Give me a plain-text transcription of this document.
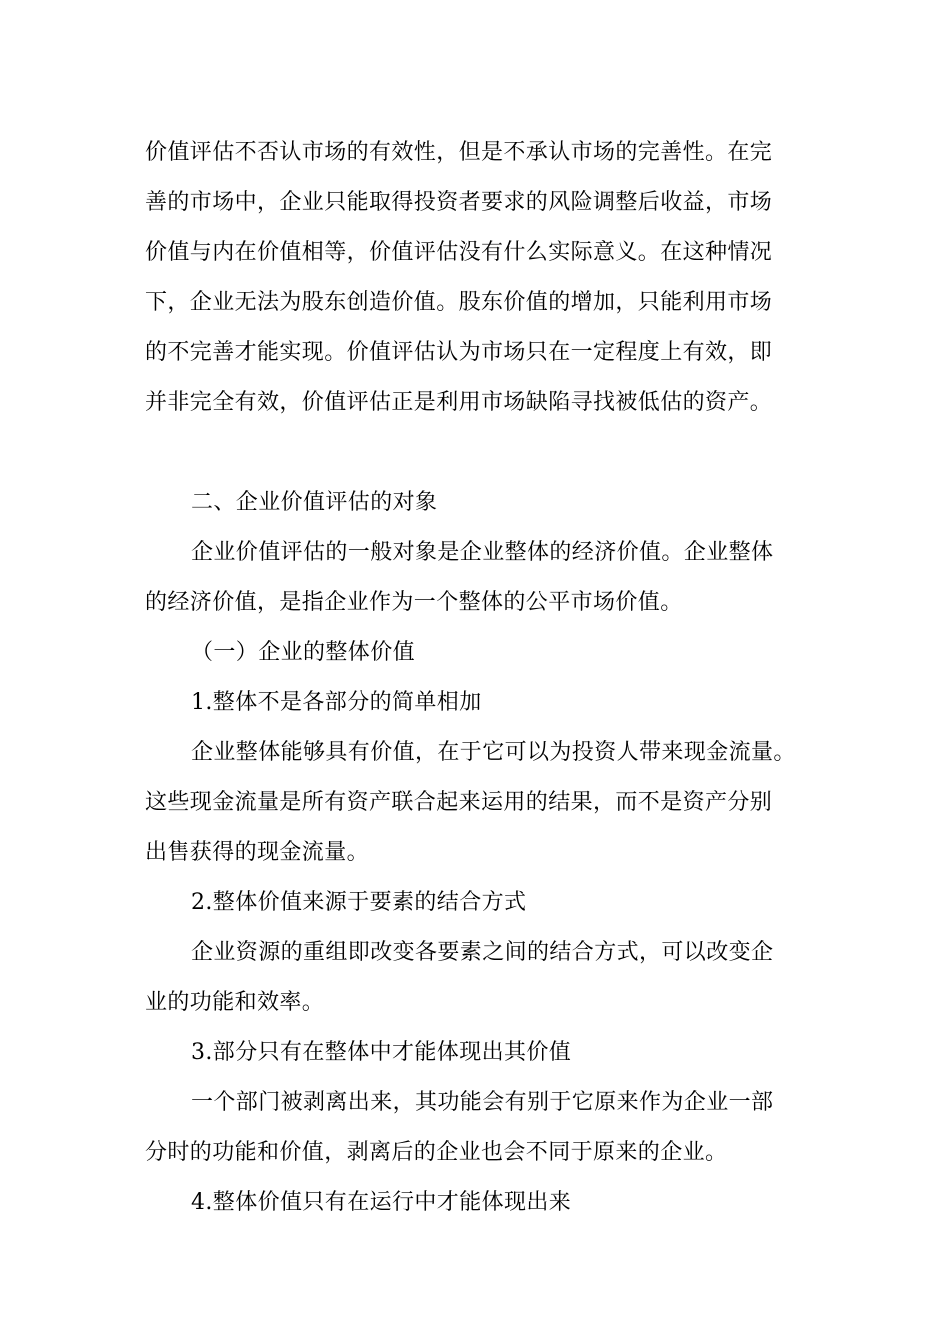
价值评估不否认市场的有效性，但是不承认市场的完善性。在完
善的市场中，企业只能取得投资者要求的风险调整后收益，市场
价值与内在价值相等，价值评估没有什么实际意义。在这种情况
下，企业无法为股东创造价值。股东价值的增加，只能利用市场
的不完善才能实现。价值评估认为市场只在一定程度上有效，即
并非完全有效，价值评估正是利用市场缺陷寻找被低估的资产。
二、企业价值评估的对象
企业价值评估的一般对象是企业整体的经济价值。企业整体
的经济价值，是指企业作为一个整体的公平市场价值。
（一）企业的整体价值
1.整体不是各部分的简单相加
企业整体能够具有价值，在于它可以为投资人带来现金流量。
这些现金流量是所有资产联合起来运用的结果，而不是资产分别
出售获得的现金流量。
2.整体价值来源于要素的结合方式
企业资源的重组即改变各要素之间的结合方式，可以改变企
业的功能和效率。
3.部分只有在整体中才能体现出其价值
一个部门被剥离出来，其功能会有别于它原来作为企业一部
分时的功能和价值，剥离后的企业也会不同于原来的企业。
4.整体价值只有在运行中才能体现出来
